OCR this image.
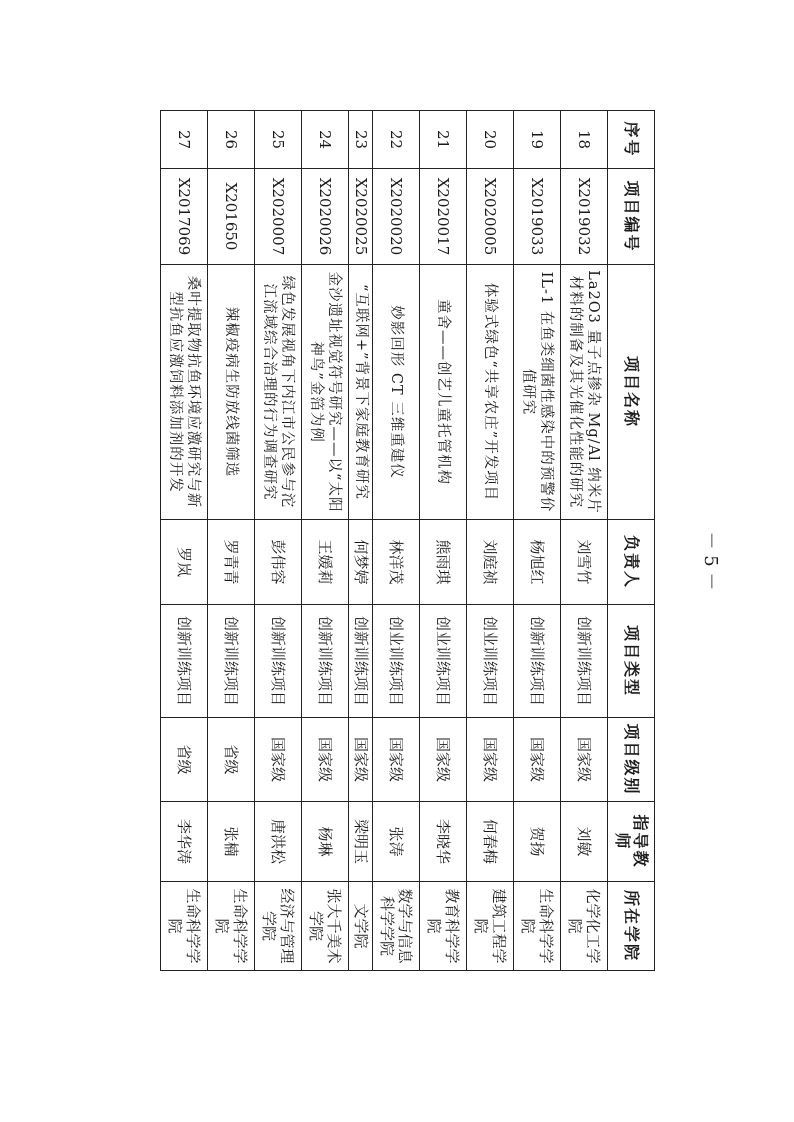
序号	项目编号	项目名称	负责人	项目类型	项目级别	指导教师	所在学院
18	X2019032	La2O3 量子点掺杂 Mg/Al 纳米片材料的制备及其光催化性能的研究	刘雪竹	创新训练项目	国家级	刘敏	化学化工学院
19	X2019033	IL-1 在鱼类细菌性感染中的预警价值研究	杨旭红	创新训练项目	国家级	贺扬	生命科学学院
20	X2020005	体验式绿色“共享农庄”开发项目	刘庭祯	创业训练项目	国家级	何春梅	建筑工程学院
21	X2020017	童舍——创艺儿童托管机构	熊雨琪	创业训练项目	国家级	李晓华	教育科学学院
22	X2020020	妙影回形 CT 三维重建仪	林洋茂	创业训练项目	国家级	张涛	数学与信息科学学院
23	X2020025	“互联网+”背景下家庭教育研究	何梦婷	创新训练项目	国家级	梁明玉	文学院
24	X2020026	金沙遗址视觉符号研究——以“太阳神鸟”金箔为例	王媛莉	创新训练项目	国家级	杨琳	张大千美术学院
25	X2020007	绿色发展视角下内江市公民参与沱江流域综合治理的行为调查研究	彭伟容	创新训练项目	国家级	唐洪松	经济与管理学院
26	X201650	辣椒疫病生防放线菌筛选	罗青青	创新训练项目	省级	张楠	生命科学学院
27	X2017069	桑叶提取物抗鱼环境应激研究与新型抗鱼应激饲料添加剂的开发	罗岚	创新训练项目	省级	李华涛	生命科学学院
－ 5 －
